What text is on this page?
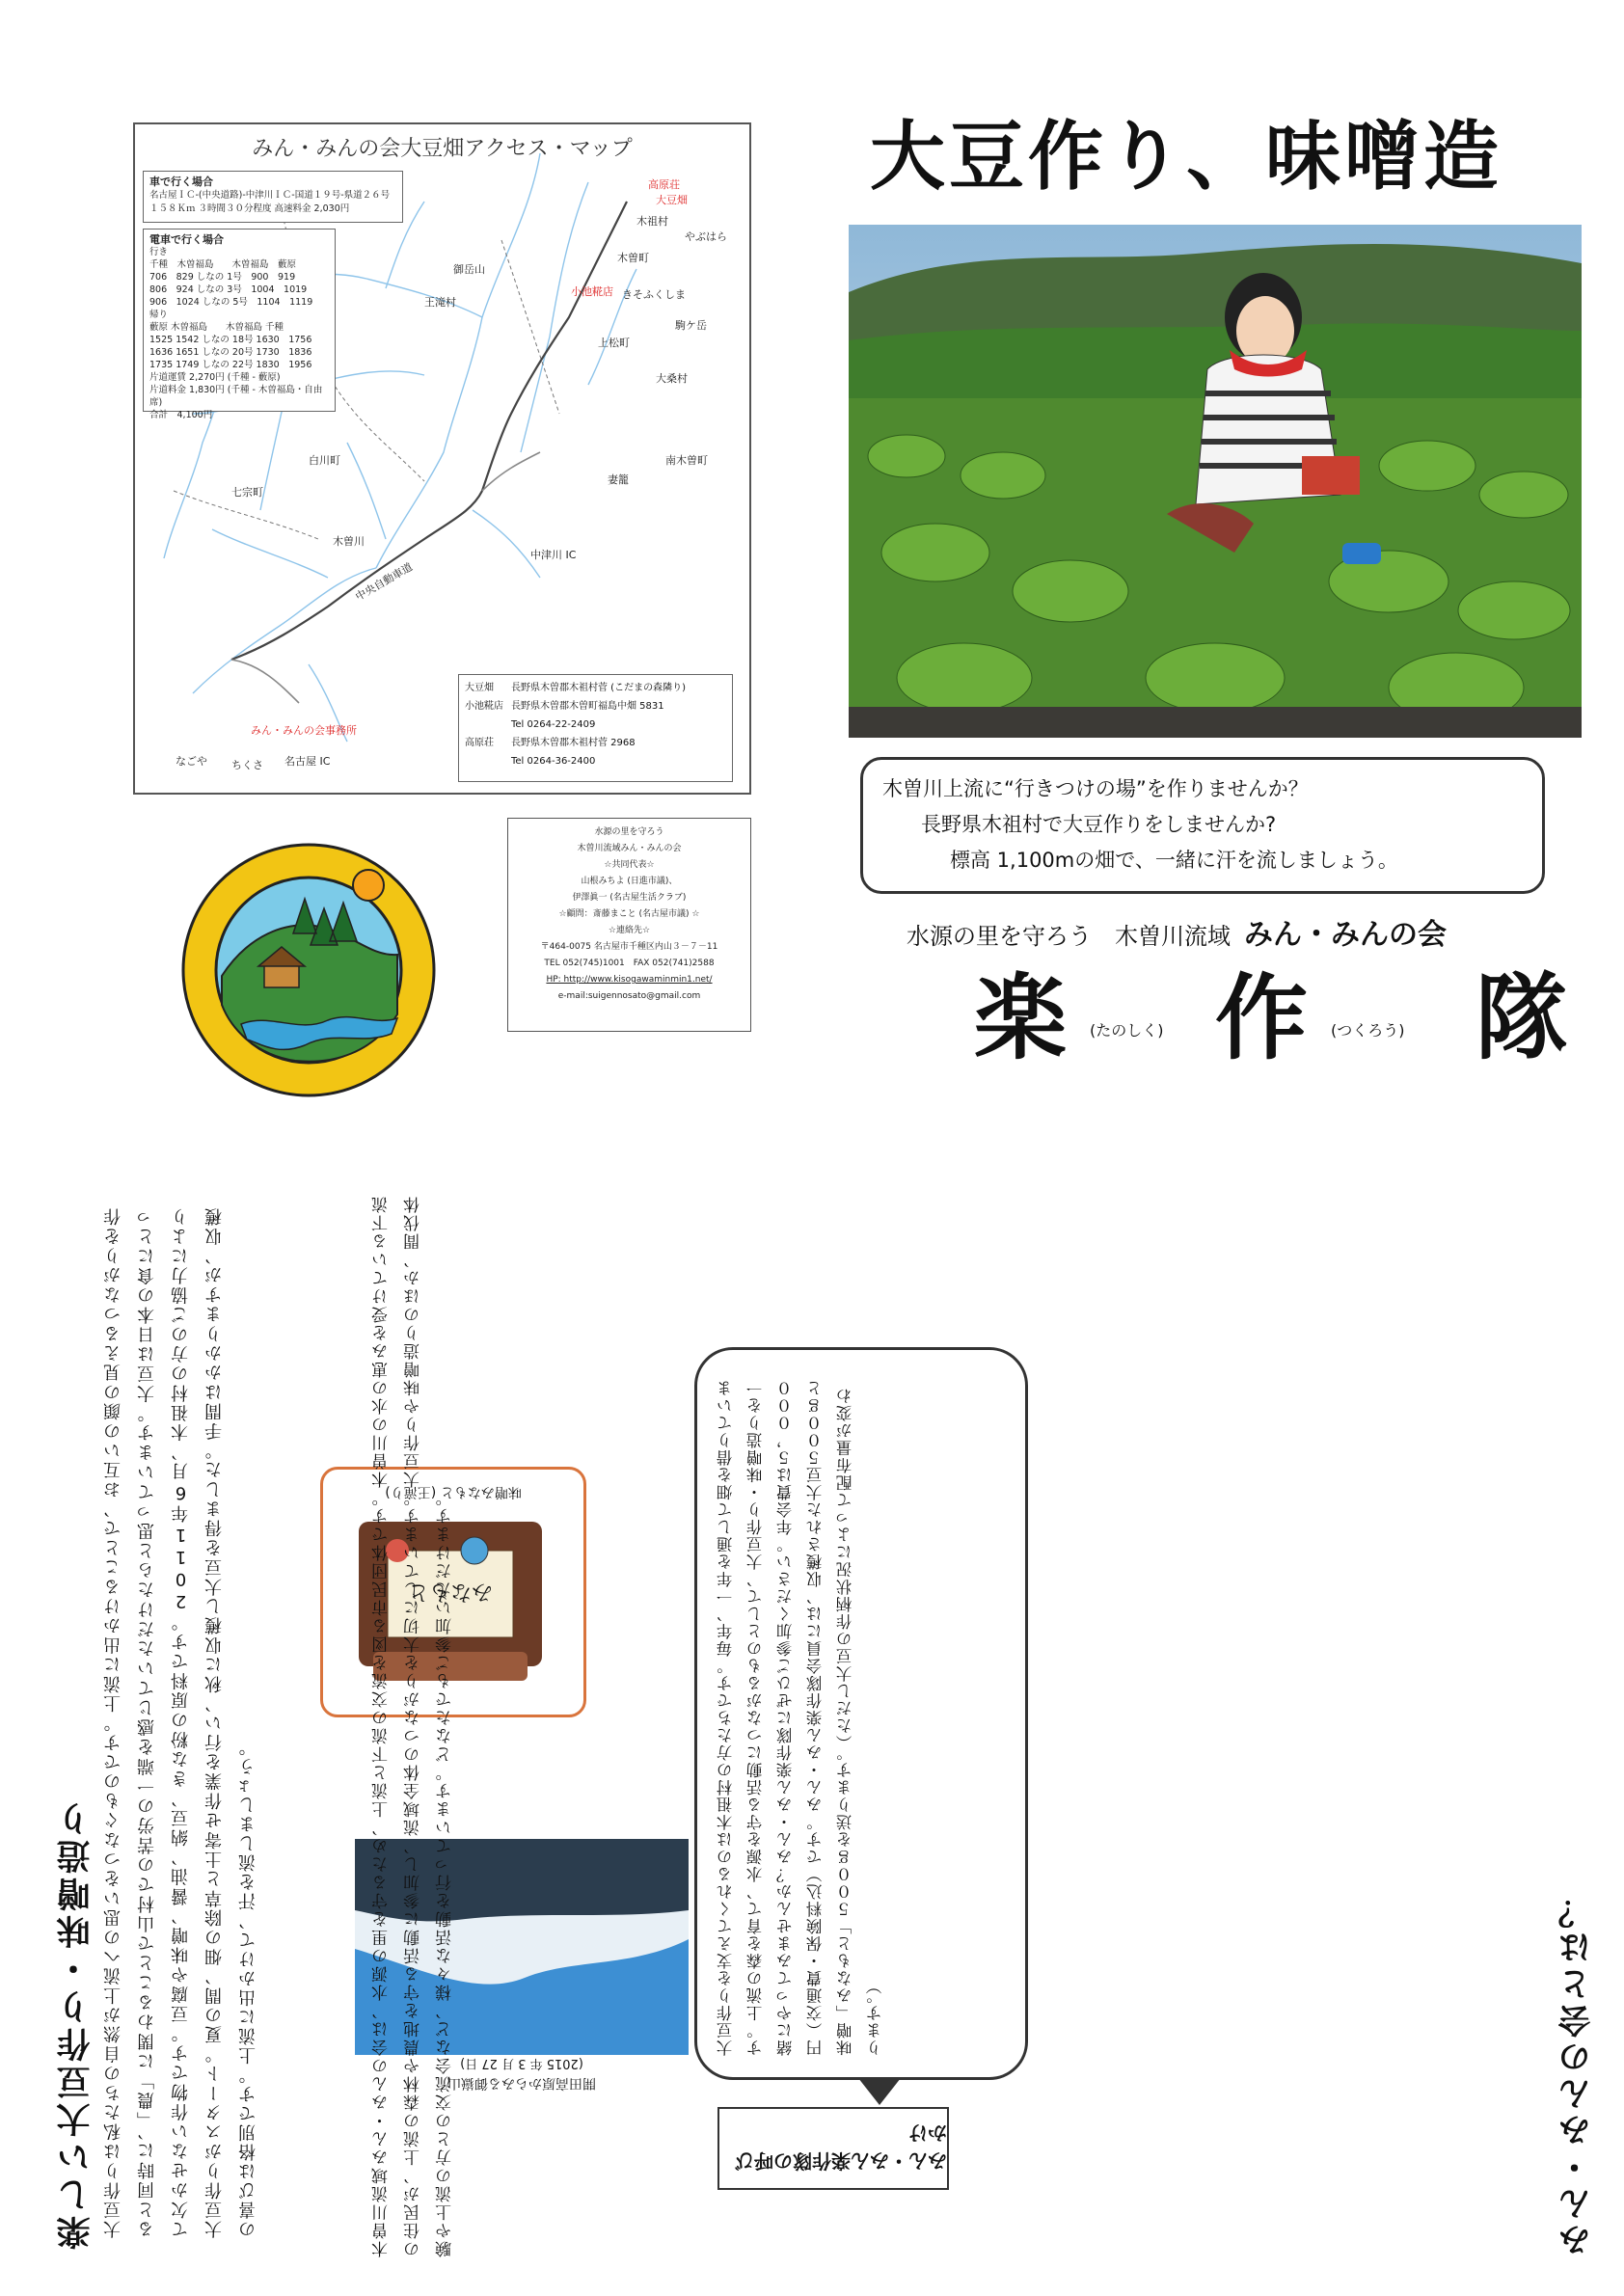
みん・みんの会大豆畑アクセス・マップ
車で行く場合
名古屋ＩＣ-(中央道路)-中津川ＩＣ-国道１９号-県道２６号
１５８Ｋｍ ３時間３０分程度 高速料金 2,030円
電車で行く場合
行き
千種　木曽福島　　木曽福島　藪原
706　829 しなの 1号　900　919
806　924 しなの 3号　1004　1019
906　1024 しなの 5号　1104　1119
帰り
藪原 木曽福島　　木曽福島 千種
1525 1542 しなの 18号 1630　1756
1636 1651 しなの 20号 1730　1836
1735 1749 しなの 22号 1830　1956
片道運賃 2,270円 (千種 - 藪原)
片道料金 1,830円 (千種 - 木曽福島・自由席)
合計　4,100円
高原荘
大豆畑
木祖村
やぶはら
木曽町
御岳山
小池糀店 きそふくしま
王滝村
駒ケ岳
上松町
大桑村
南木曽町
妻籠
白川町
七宗町
木曽川
中津川 IC
中央自動車道
みん・みんの会事務所
なごや ちくさ 名古屋 IC
大豆畑 長野県木曽郡木祖村菅 (こだまの森隣り)
小池糀店 長野県木曽郡木曽町福島中畑 5831
Tel 0264-22-2409
高原荘 長野県木曽郡木祖村菅 2968
Tel 0264-36-2400
水源の里を守ろう
木曽川流域みん・みんの会
☆共同代表☆
山根みちよ (日進市議)、
伊澤眞一 (名古屋生活クラブ)
☆顧問：斎藤まこと (名古屋市議) ☆
☆連絡先☆
〒464-0075 名古屋市千種区内山３－７－11
TEL 052(745)1001　FAX 052(741)2588
HP: http://www.kisogawaminmin1.net/
e-mail:suigennosato@gmail.com
大豆作り、味噌造
木曽川上流に“行きつけの場”を作りませんか？
長野県木祖村で大豆作りをしませんか?
標高 1,100mの畑で、一緒に汗を流しましょう。
水源の里を守ろう　木曽川流域 みん・みんの会
楽 (たのしく) 作 (つくろう) 隊
楽しい大豆作り・味噌造り 大豆作りは私たちの自然が上流への思いをつなぐものです。上流に出かけることで、お互いの顔の見えるつながりを作ると同時に、「農」に関わることで山村での苦労の一端を感じていただけたらと思っています。大豆は日本の食にとって欠かせない作物です。豆腐や味噌、醤油、納豆、きな粉の原料です。2011年6月、木祖村の方のご協力により大豆作りがスタート。夏の間、畑の除草と土寄せ作業を行い、秋に収穫し大豆を得ました。手間はかかりますが、収穫の喜びは格別です。上流に出かけて、汗を流しましょう。	みん・みん楽作隊の呼びかけ
大豆作りを支えてくれるのは木祖村の方たちです。毎年、一年を通して畑を借りています。上流の森を育て、水源を守る活動につながるものとして、大豆作り・味噌造りを一緒にやってみませんか？みん・みん楽作隊にぜひご参加ください。年会費は５，０００円（交通費・保険料込）です。みん・みん楽作隊会員には、収穫された大豆５００ｇと味噌「みなもと」５００ｇを送ります。（ただし大豆の作柄状況によって配布量が変わります。）
開田高原からみる御嶽山
(2015 年 3 月 27 日)
みなもと
味噌みなもと (王滝り)
みん・みんの会とは？
木曽川流域みん・みんの会は、水源の里を守るため、上流と下流の交流を図る市民団体です。木曽川の水の恵みを受けている下流の住民が、上流の森林や農地を守る活動に参加し、流域全体のつながりを大切にしています。大豆作りや味噌造りのほか、間伐体験や上流の方との交流会など、様々な活動を行っています。どなたでもご参加いただけます。
